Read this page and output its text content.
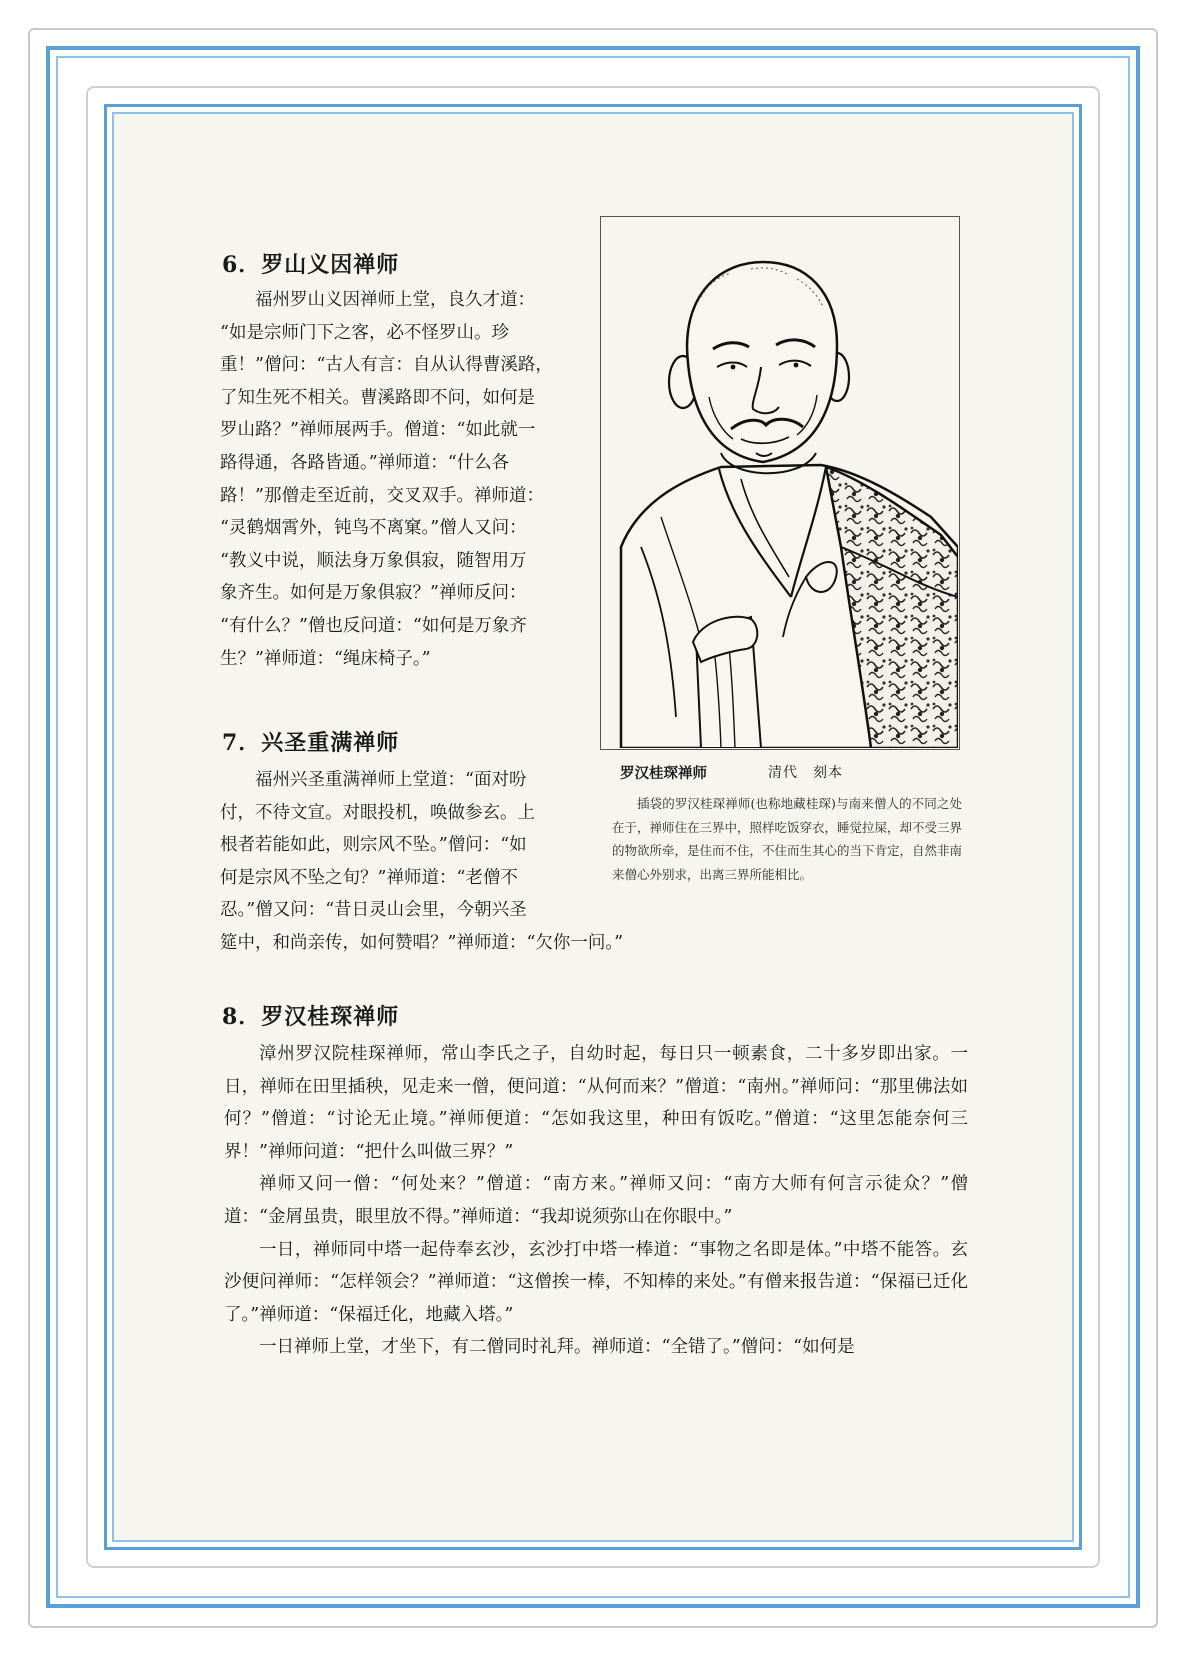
6．罗山义因禅师

福州罗山义因禅师上堂，良久才道：

“如是宗师门下之客，必不怪罗山。珍

重！”僧问：“古人有言：自从认得曹溪路，

了知生死不相关。曹溪路即不问，如何是

罗山路？”禅师展两手。僧道：“如此就一

路得通，各路皆通。”禅师道：“什么各

路！”那僧走至近前，交叉双手。禅师道：

“灵鹤烟霄外，钝鸟不离窠。”僧人又问：

“教义中说，顺法身万象俱寂，随智用万

象齐生。如何是万象俱寂？”禅师反问：

“有什么？”僧也反问道：“如何是万象齐

生？”禅师道：“绳床椅子。”

7．兴圣重满禅师

福州兴圣重满禅师上堂道：“面对吩

付，不待文宣。对眼投机，唤做参玄。上

根者若能如此，则宗风不坠。”僧问：“如

何是宗风不坠之旬？”禅师道：“老僧不

忍。”僧又问：“昔日灵山会里，今朝兴圣

筵中，和尚亲传，如何赞唱？”禅师道：“欠你一问。”

罗汉桂琛禅师	清代　刻本
插袋的罗汉桂琛禅师(也称地藏桂琛)与南来僧人的不同之处在于，禅师住在三界中，照样吃饭穿衣，睡觉拉屎，却不受三界的物欲所牵，是住而不住，不住而生其心的当下肯定，自然非南来僧心外别求，出离三界所能相比。
8．罗汉桂琛禅师

漳州罗汉院桂琛禅师，常山李氏之子，自幼时起，每日只一顿素食，二十多岁即出家。一日，禅师在田里插秧，见走来一僧，便问道：“从何而来？”僧道：“南州。”禅师问：“那里佛法如何？”僧道：“讨论无止境。”禅师便道：“怎如我这里，种田有饭吃。”僧道：“这里怎能奈何三界！”禅师问道：“把什么叫做三界？”

禅师又问一僧：“何处来？”僧道：“南方来。”禅师又问：“南方大师有何言示徒众？”僧道：“金屑虽贵，眼里放不得。”禅师道：“我却说须弥山在你眼中。”

一日，禅师同中塔一起侍奉玄沙，玄沙打中塔一棒道：“事物之名即是体。”中塔不能答。玄沙便问禅师：“怎样领会？”禅师道：“这僧挨一棒，不知棒的来处。”有僧来报告道：“保福已迁化了。”禅师道：“保福迁化，地藏入塔。”

一日禅师上堂，才坐下，有二僧同时礼拜。禅师道：“全错了。”僧问：“如何是
